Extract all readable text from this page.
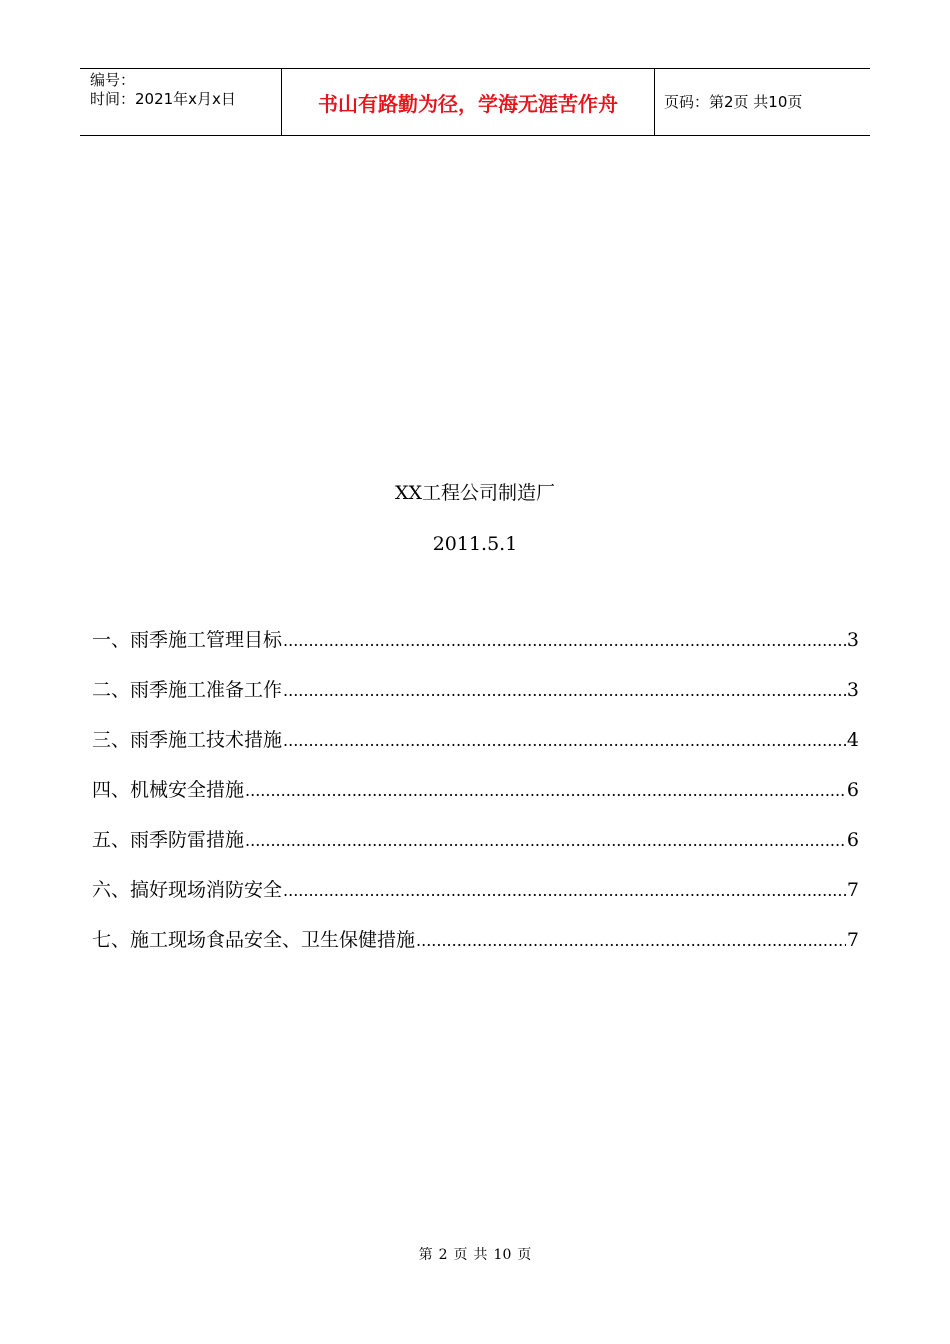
编号：
时间：2021年x月x日	书山有路勤为径，学海无涯苦作舟	页码：第2页 共10页
XX工程公司制造厂
2011.5.1
一、雨季施工管理目标 .....	3
二、雨季施工准备工作 .....	3
三、雨季施工技术措施 .....	4
四、机械安全措施 .....	6
五、雨季防雷措施 .....	6
六、搞好现场消防安全 .....	7
七、施工现场食品安全、卫生保健措施 .....	7
第 2 页 共 10 页
